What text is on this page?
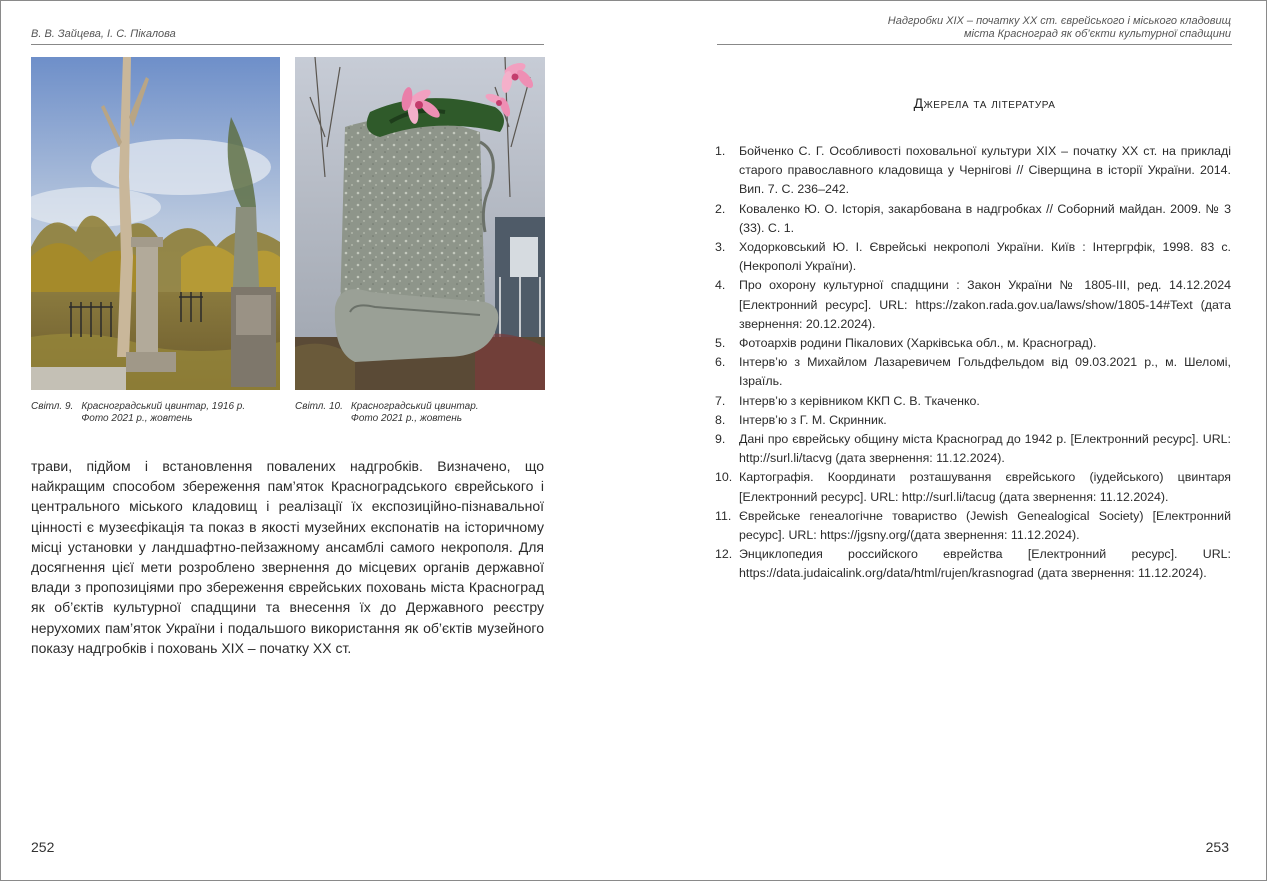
В. В. Зайцева, І. С. Пікалова
Світл. 9. Красноградський цвинтар, 1916 р.
Фото 2021 р., жовтень
Світл. 10. Красноградський цвинтар.
Фото 2021 р., жовтень

трави, підйом і встановлення повалених надгробків. Визначено, що найкращим способом збереження пам’яток Красноградського єврейського і центрального міського кладовищ і реалізації їх експозиційно-пізнавальної цінності є музеєфікація та показ в якості музейних експонатів на історичному місці установки у ландшафтно-пейзажному ансамблі самого некрополя. Для досягнення цієї мети розроблено звернення до місцевих органів державної влади з пропозиціями про збереження єврейських поховань міста Красноград як об’єктів культурної спадщини та внесення їх до Державного реєстру нерухомих пам’яток України і подальшого використання як об’єктів музейного показу надгробків і поховань XIX – початку XX ст.

252
Надгробки XIX – початку XX ст. єврейського і міського кладовищ
міста Красноград як об’єкти культурної спадщини
Джерела та література
1.	Бойченко С. Г. Особливості поховальної культури XIX – початку XX ст. на прикладі старого православного кладовища у Чернігові // Сіверщина в історії України. 2014. Вип. 7. С. 236–242.
2.	Коваленко Ю. О. Історія, закарбована в надгробках // Соборний майдан. 2009. № 3 (33). С. 1.
3.	Ходорковський Ю. І. Єврейські некрополі України. Київ : Інтергрфік, 1998. 83 с. (Некрополі України).
4.	Про охорону культурної спадщини : Закон України № 1805-III, ред. 14.12.2024 [Електронний ресурс]. URL: https://zakon.rada.gov.ua/laws/show/1805-14#Text (дата звернення: 20.12.2024).
5.	Фотоархів родини Пікалових (Харківська обл., м. Красноград).
6.	Інтерв’ю з Михайлом Лазаревичем Гольдфельдом від 09.03.2021 р., м. Шеломі, Ізраїль.
7.	Інтерв’ю з керівником ККП С. В. Ткаченко.
8.	Інтерв’ю з Г. М. Скринник.
9.	Дані про єврейську общину міста Красноград до 1942 р. [Електронний ресурс]. URL: http://surl.li/tacvg (дата звернення: 11.12.2024).
10. Картографія. Координати розташування єврейського (іудейського) цвинтаря [Електронний ресурс]. URL: http://surl.li/tacug (дата звернення: 11.12.2024).
11. Єврейське генеалогічне товариство (Jewish Genealogical Society) [Електронний ресурс]. URL: https://jgsny.org/(дата звернення: 11.12.2024).
12. Энциклопедия российского еврейства [Електронний ресурс]. URL: https://data.judaicalink.org/data/html/rujen/krasnograd (дата звернення: 11.12.2024).
253
